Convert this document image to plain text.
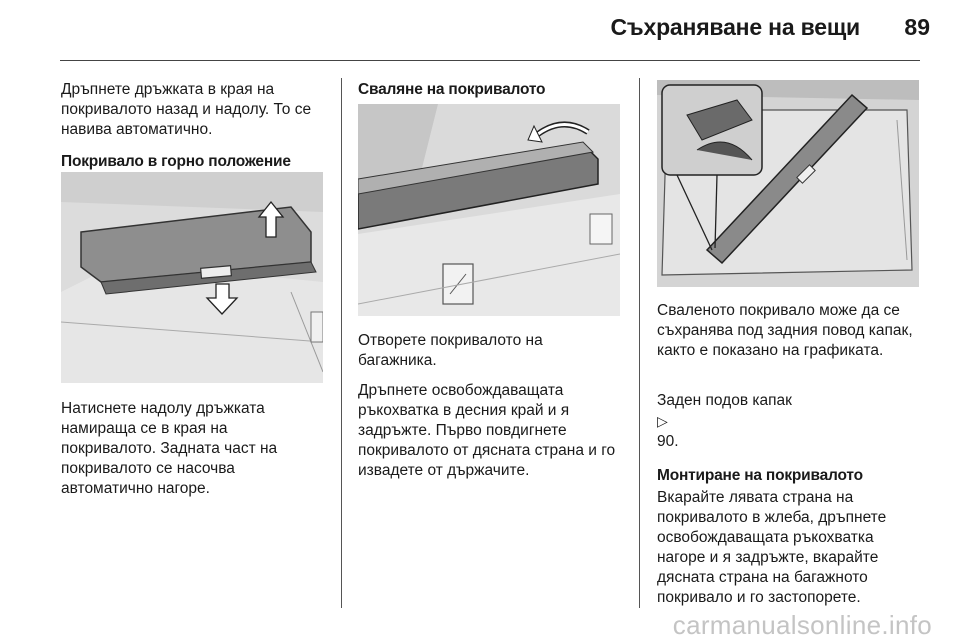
Съхраняване на вещи	89

Дръпнете дръжката в края на
покривалото назад и надолу. То се
навива автоматично.

Покривало в горно положение

Натиснете надолу дръжката
намираща се в края на
покривалото. Задната част на
покривалото се насочва
автоматично нагоре.

Сваляне на покривалото

Отворете покривалото на
багажника.

Дръпнете освобождаващата
ръкохватка в десния край и я
задръжте. Първо повдигнете
покривалото от дясната страна и го
извадете от държачите.

Сваленото покривало може да се
съхранява под задния повод капак,
както е показано на графиката.

Заден подов капак
▷
90.

Монтиране на покривалото

Вкарайте лявата страна на
покривалото в жлеба, дръпнете
освобождаващата ръкохватка
нагоре и я задръжте, вкарайте
дясната страна на багажното
покривало и го застопорете.

carmanualsonline.info
